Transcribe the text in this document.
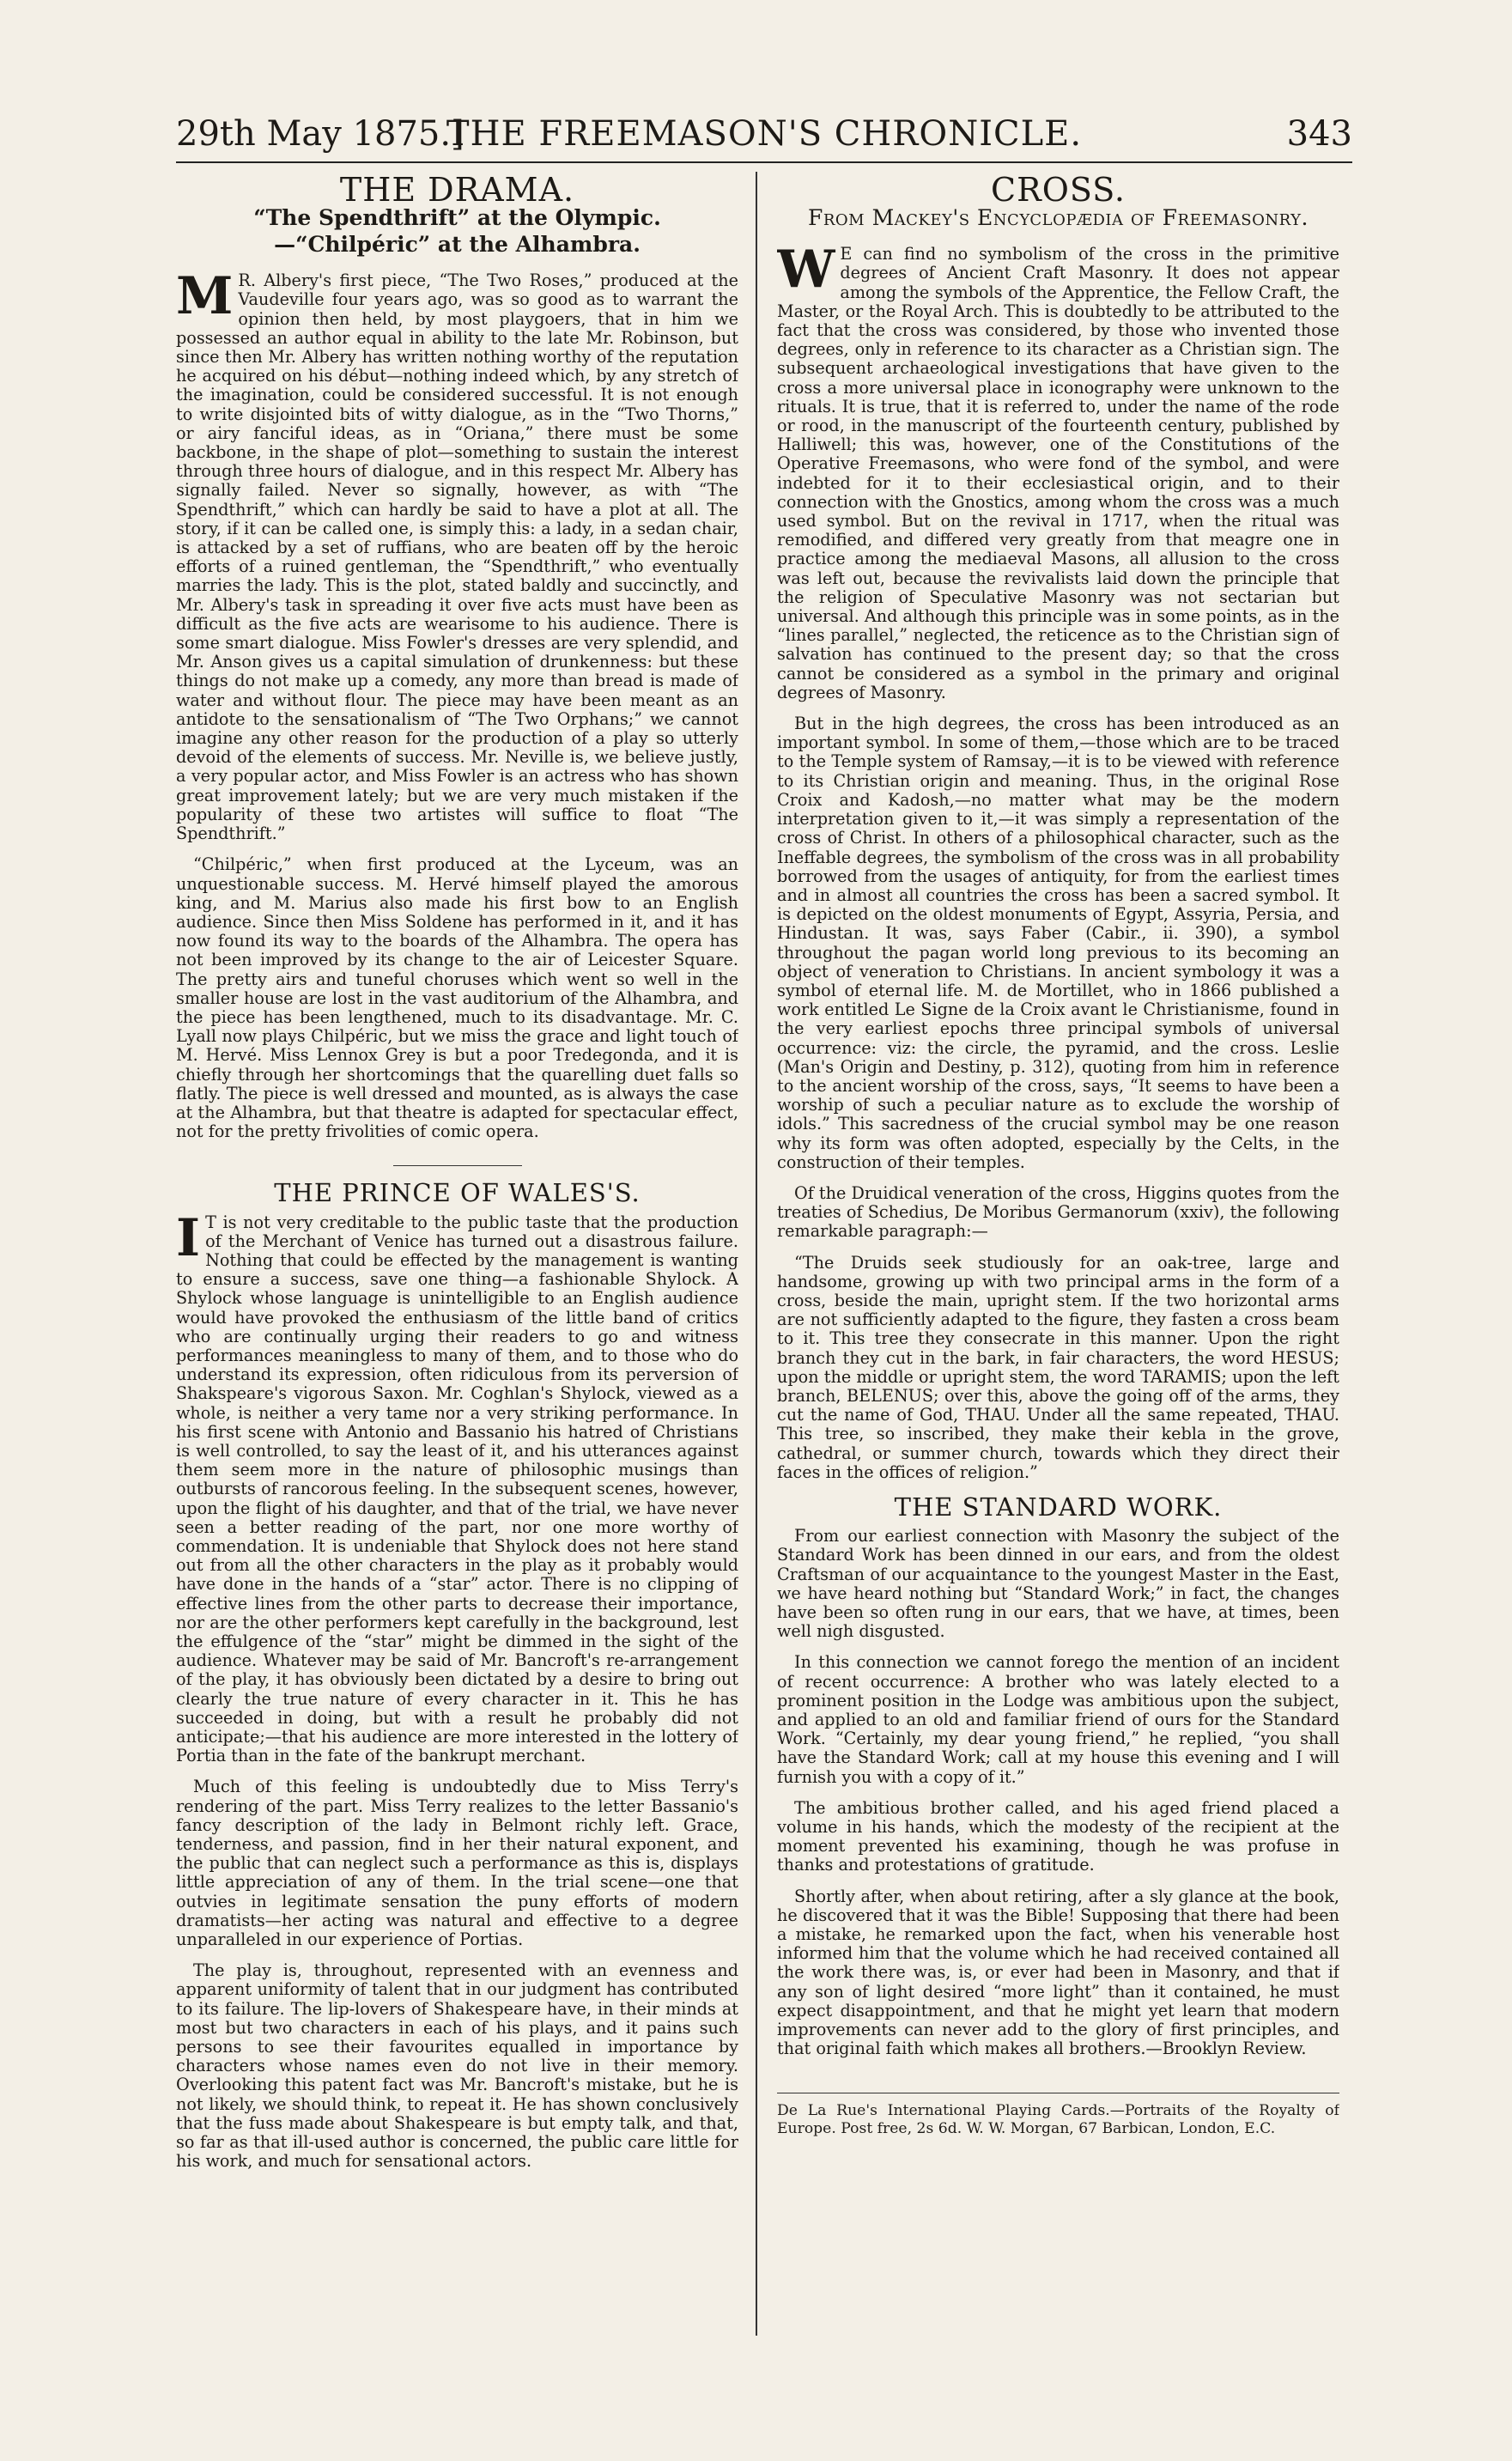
29th May 1875.]
THE FREEMASON'S CHRONICLE.	343
THE DRAMA.
“The Spendthrift” at the Olympic.—“Chilpéric” at the Alhambra.

M R. Albery's first piece, “The Two Roses,” produced at the Vaudeville four years ago, was so good as to warrant the opinion then held, by most playgoers, that in him we possessed an author equal in ability to the late Mr. Robinson, but since then Mr. Albery has written nothing worthy of the reputation he acquired on his début—nothing indeed which, by any stretch of the imagination, could be considered successful. It is not enough to write disjointed bits of witty dialogue, as in the “Two Thorns,” or airy fanciful ideas, as in “Oriana,” there must be some backbone, in the shape of plot—something to sustain the interest through three hours of dialogue, and in this respect Mr. Albery has signally failed. Never so signally, however, as with “The Spendthrift,” which can hardly be said to have a plot at all. The story, if it can be called one, is simply this: a lady, in a sedan chair, is attacked by a set of ruffians, who are beaten off by the heroic efforts of a ruined gentleman, the “Spendthrift,” who eventually marries the lady. This is the plot, stated baldly and succinctly, and Mr. Albery's task in spreading it over five acts must have been as difficult as the five acts are wearisome to his audience. There is some smart dialogue. Miss Fowler's dresses are very splendid, and Mr. Anson gives us a capital simulation of drunkenness: but these things do not make up a comedy, any more than bread is made of water and without flour. The piece may have been meant as an antidote to the sensationalism of “The Two Orphans;” we cannot imagine any other reason for the production of a play so utterly devoid of the elements of success. Mr. Neville is, we believe justly, a very popular actor, and Miss Fowler is an actress who has shown great improvement lately; but we are very much mistaken if the popularity of these two artistes will suffice to float “The Spendthrift.”

“Chilpéric,” when first produced at the Lyceum, was an unquestionable success. M. Hervé himself played the amorous king, and M. Marius also made his first bow to an English audience. Since then Miss Soldene has performed in it, and it has now found its way to the boards of the Alhambra. The opera has not been improved by its change to the air of Leicester Square. The pretty airs and tuneful choruses which went so well in the smaller house are lost in the vast auditorium of the Alhambra, and the piece has been lengthened, much to its disadvantage. Mr. C. Lyall now plays Chilpéric, but we miss the grace and light touch of M. Hervé. Miss Lennox Grey is but a poor Tredegonda, and it is chiefly through her shortcomings that the quarelling duet falls so flatly. The piece is well dressed and mounted, as is always the case at the Alhambra, but that theatre is adapted for spectacular effect, not for the pretty frivolities of comic opera.

THE PRINCE OF WALES'S.

I T is not very creditable to the public taste that the production of the Merchant of Venice has turned out a disastrous failure. Nothing that could be effected by the management is wanting to ensure a success, save one thing—a fashionable Shylock. A Shylock whose language is unintelligible to an English audience would have provoked the enthusiasm of the little band of critics who are continually urging their readers to go and witness performances meaningless to many of them, and to those who do understand its expression, often ridiculous from its perversion of Shakspeare's vigorous Saxon. Mr. Coghlan's Shylock, viewed as a whole, is neither a very tame nor a very striking performance. In his first scene with Antonio and Bassanio his hatred of Christians is well controlled, to say the least of it, and his utterances against them seem more in the nature of philosophic musings than outbursts of rancorous feeling. In the subsequent scenes, however, upon the flight of his daughter, and that of the trial, we have never seen a better reading of the part, nor one more worthy of commendation. It is undeniable that Shylock does not here stand out from all the other characters in the play as it probably would have done in the hands of a “star” actor. There is no clipping of effective lines from the other parts to decrease their importance, nor are the other performers kept carefully in the background, lest the effulgence of the “star” might be dimmed in the sight of the audience. Whatever may be said of Mr. Bancroft's re-arrangement of the play, it has obviously been dictated by a desire to bring out clearly the true nature of every character in it. This he has succeeded in doing, but with a result he probably did not anticipate;—that his audience are more interested in the lottery of Portia than in the fate of the bankrupt merchant.

Much of this feeling is undoubtedly due to Miss Terry's rendering of the part. Miss Terry realizes to the letter Bassanio's fancy description of the lady in Belmont richly left. Grace, tenderness, and passion, find in her their natural exponent, and the public that can neglect such a performance as this is, displays little appreciation of any of them. In the trial scene—one that outvies in legitimate sensation the puny efforts of modern dramatists—her acting was natural and effective to a degree unparalleled in our experience of Portias.

The play is, throughout, represented with an evenness and apparent uniformity of talent that in our judgment has contributed to its failure. The lip-lovers of Shakespeare have, in their minds at most but two characters in each of his plays, and it pains such persons to see their favourites equalled in importance by characters whose names even do not live in their memory. Overlooking this patent fact was Mr. Bancroft's mistake, but he is not likely, we should think, to repeat it. He has shown conclusively that the fuss made about Shakespeare is but empty talk, and that, so far as that ill-used author is concerned, the public care little for his work, and much for sensational actors.

CROSS.
From Mackey's Encyclopædia of Freemasonry.

W E can find no symbolism of the cross in the primitive degrees of Ancient Craft Masonry. It does not appear among the symbols of the Apprentice, the Fellow Craft, the Master, or the Royal Arch. This is doubtedly to be attributed to the fact that the cross was considered, by those who invented those degrees, only in reference to its character as a Christian sign. The subsequent archaeological investigations that have given to the cross a more universal place in iconography were unknown to the rituals. It is true, that it is referred to, under the name of the rode or rood, in the manuscript of the fourteenth century, published by Halliwell; this was, however, one of the Constitutions of the Operative Freemasons, who were fond of the symbol, and were indebted for it to their ecclesiastical origin, and to their connection with the Gnostics, among whom the cross was a much used symbol. But on the revival in 1717, when the ritual was remodified, and differed very greatly from that meagre one in practice among the mediaeval Masons, all allusion to the cross was left out, because the revivalists laid down the principle that the religion of Speculative Masonry was not sectarian but universal. And although this principle was in some points, as in the “lines parallel,” neglected, the reticence as to the Christian sign of salvation has continued to the present day; so that the cross cannot be considered as a symbol in the primary and original degrees of Masonry.

But in the high degrees, the cross has been introduced as an important symbol. In some of them,—those which are to be traced to the Temple system of Ramsay,—it is to be viewed with reference to its Christian origin and meaning. Thus, in the original Rose Croix and Kadosh,—no matter what may be the modern interpretation given to it,—it was simply a representation of the cross of Christ. In others of a philosophical character, such as the Ineffable degrees, the symbolism of the cross was in all probability borrowed from the usages of antiquity, for from the earliest times and in almost all countries the cross has been a sacred symbol. It is depicted on the oldest monuments of Egypt, Assyria, Persia, and Hindustan. It was, says Faber (Cabir., ii. 390), a symbol throughout the pagan world long previous to its becoming an object of veneration to Christians. In ancient symbology it was a symbol of eternal life. M. de Mortillet, who in 1866 published a work entitled Le Signe de la Croix avant le Christianisme, found in the very earliest epochs three principal symbols of universal occurrence: viz: the circle, the pyramid, and the cross. Leslie (Man's Origin and Destiny, p. 312), quoting from him in reference to the ancient worship of the cross, says, “It seems to have been a worship of such a peculiar nature as to exclude the worship of idols.” This sacredness of the crucial symbol may be one reason why its form was often adopted, especially by the Celts, in the construction of their temples.

Of the Druidical veneration of the cross, Higgins quotes from the treaties of Schedius, De Moribus Germanorum (xxiv), the following remarkable paragraph:—

“The Druids seek studiously for an oak-tree, large and handsome, growing up with two principal arms in the form of a cross, beside the main, upright stem. If the two horizontal arms are not sufficiently adapted to the figure, they fasten a cross beam to it. This tree they consecrate in this manner. Upon the right branch they cut in the bark, in fair characters, the word HESUS; upon the middle or upright stem, the word TARAMIS; upon the left branch, BELENUS; over this, above the going off of the arms, they cut the name of God, THAU. Under all the same repeated, THAU. This tree, so inscribed, they make their kebla in the grove, cathedral, or summer church, towards which they direct their faces in the offices of religion.”

THE STANDARD WORK.

From our earliest connection with Masonry the subject of the Standard Work has been dinned in our ears, and from the oldest Craftsman of our acquaintance to the youngest Master in the East, we have heard nothing but “Standard Work;” in fact, the changes have been so often rung in our ears, that we have, at times, been well nigh disgusted.

In this connection we cannot forego the mention of an incident of recent occurrence: A brother who was lately elected to a prominent position in the Lodge was ambitious upon the subject, and applied to an old and familiar friend of ours for the Standard Work. “Certainly, my dear young friend,” he replied, “you shall have the Standard Work; call at my house this evening and I will furnish you with a copy of it.”

The ambitious brother called, and his aged friend placed a volume in his hands, which the modesty of the recipient at the moment prevented his examining, though he was profuse in thanks and protestations of gratitude.

Shortly after, when about retiring, after a sly glance at the book, he discovered that it was the Bible! Supposing that there had been a mistake, he remarked upon the fact, when his venerable host informed him that the volume which he had received contained all the work there was, is, or ever had been in Masonry, and that if any son of light desired “more light” than it contained, he must expect disappointment, and that he might yet learn that modern improvements can never add to the glory of first principles, and that original faith which makes all brothers.—Brooklyn Review.

De La Rue's International Playing Cards.—Portraits of the Royalty of Europe. Post free, 2s 6d. W. W. Morgan, 67 Barbican, London, E.C.
